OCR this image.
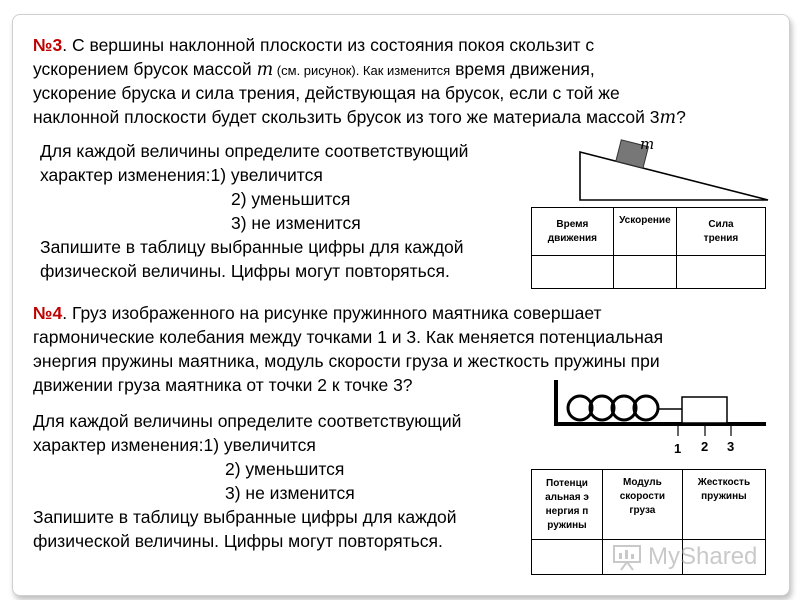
№3. С вершины наклонной плоскости из состояния покоя скользит с
ускорением брусок массой m (см. рисунок). Как изменится время движения,
ускорение бруска и сила трения, действующая на брусок, если с той же
наклонной плоскости будет скользить брусок из того же материала массой 3m?
Для каждой величины определите соответствующий
характер изменения:1) увеличится
2) уменьшится
3) не изменится
Запишите в таблицу выбранные цифры для каждой
физической величины. Цифры могут повторяться.
m
Время движения	Ускорение	Сила трения

№4. Груз изображенного на рисунке пружинного маятника совершает
гармонические колебания между точками 1 и 3. Как меняется потенциальная
энергия пружины маятника, модуль скорости груза и жесткость пружины при
движении груза маятника от точки 2 к точке 3?
Для каждой величины определите соответствующий
характер изменения:1) увеличится
2) уменьшится
3) не изменится
Запишите в таблицу выбранные цифры для каждой
физической величины. Цифры могут повторяться.
1 2 3
Потенциальная энергия пружины	Модуль скорости груза	Жесткость пружины

MyShared
